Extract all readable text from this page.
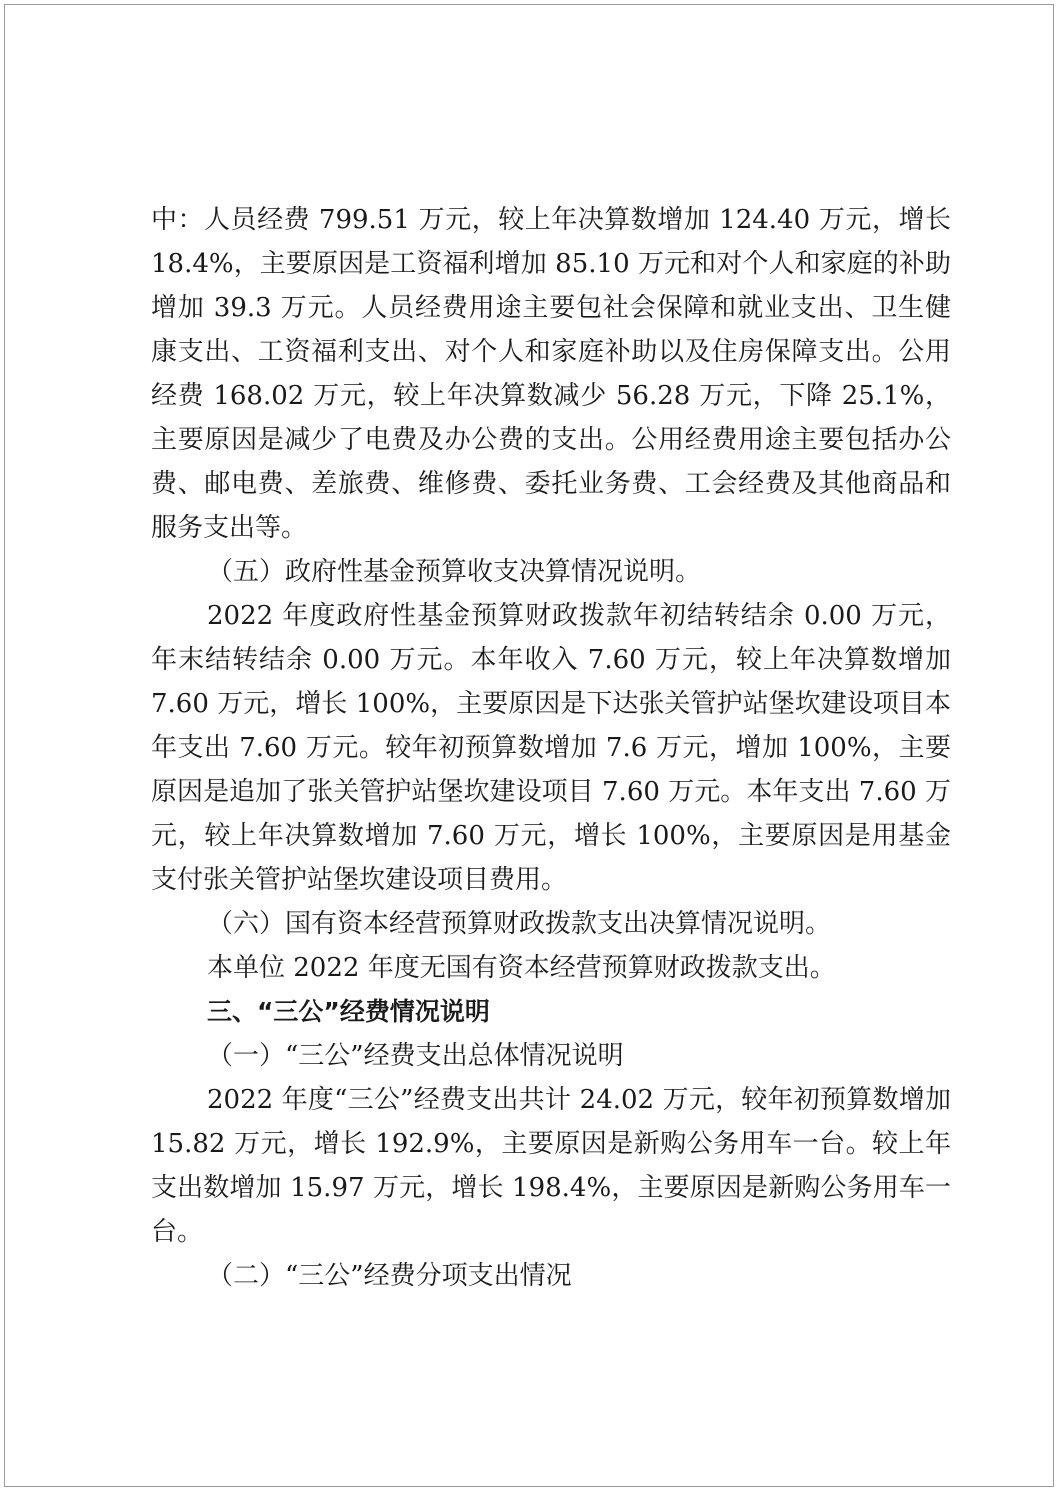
中：人员经费 799.51 万元，较上年决算数增加 124.40 万元，增长 18.4%，主要原因是工资福利增加 85.10 万元和对个人和家庭的补助增加 39.3 万元。人员经费用途主要包社会保障和就业支出、卫生健康支出、工资福利支出、对个人和家庭补助以及住房保障支出。公用经费 168.02 万元，较上年决算数减少 56.28 万元，下降 25.1%，主要原因是减少了电费及办公费的支出。公用经费用途主要包括办公费、邮电费、差旅费、维修费、委托业务费、工会经费及其他商品和服务支出等。

（五）政府性基金预算收支决算情况说明。

2022 年度政府性基金预算财政拨款年初结转结余 0.00 万元，年末结转结余 0.00 万元。本年收入 7.60 万元，较上年决算数增加 7.60 万元，增长 100%，主要原因是下达张关管护站堡坎建设项目本年支出 7.60 万元。较年初预算数增加 7.6 万元，增加 100%，主要原因是追加了张关管护站堡坎建设项目 7.60 万元。本年支出 7.60 万元，较上年决算数增加 7.60 万元，增长 100%，主要原因是用基金支付张关管护站堡坎建设项目费用。

（六）国有资本经营预算财政拨款支出决算情况说明。

本单位 2022 年度无国有资本经营预算财政拨款支出。

三、“三公”经费情况说明

（一）“三公”经费支出总体情况说明

2022 年度“三公”经费支出共计 24.02 万元，较年初预算数增加 15.82 万元，增长 192.9%，主要原因是新购公务用车一台。较上年支出数增加 15.97 万元，增长 198.4%，主要原因是新购公务用车一台。

（二）“三公”经费分项支出情况
